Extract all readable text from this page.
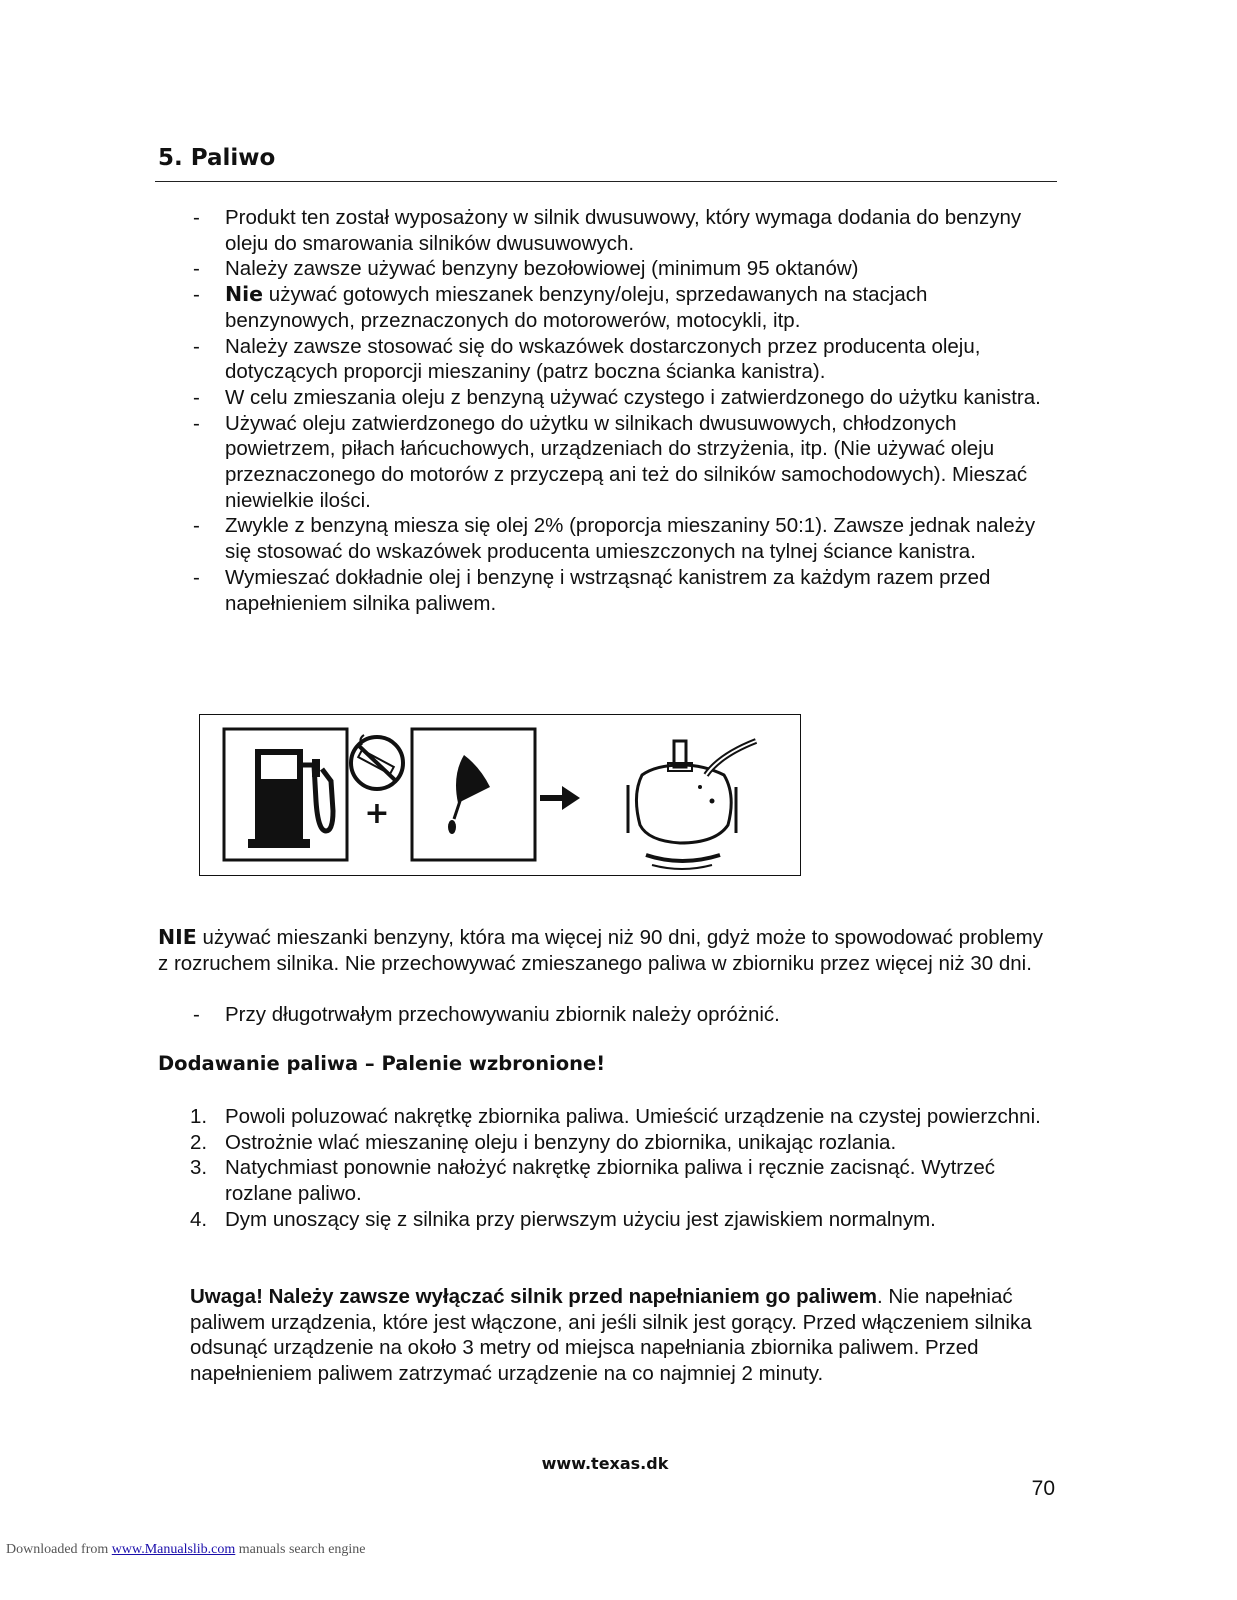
5. Paliwo
- Produkt ten został wyposażony w silnik dwusuwowy, który wymaga dodania do benzyny oleju do smarowania silników dwusuwowych.
- Należy zawsze używać benzyny bezołowiowej (minimum 95 oktanów)
- Nie używać gotowych mieszanek benzyny/oleju, sprzedawanych na stacjach benzynowych, przeznaczonych do motorowerów, motocykli, itp.
- Należy zawsze stosować się do wskazówek dostarczonych przez producenta oleju, dotyczących proporcji mieszaniny (patrz boczna ścianka kanistra).
- W celu zmieszania oleju z benzyną używać czystego i zatwierdzonego do użytku kanistra.
- Używać oleju zatwierdzonego do użytku w silnikach dwusuwowych, chłodzonych powietrzem, piłach łańcuchowych, urządzeniach do strzyżenia, itp. (Nie używać oleju przeznaczonego do motorów z przyczepą ani też do silników samochodowych). Mieszać niewielkie ilości.
- Zwykle z benzyną miesza się olej 2% (proporcja mieszaniny 50:1). Zawsze jednak należy się stosować do wskazówek producenta umieszczonych na tylnej ściance kanistra.
- Wymieszać dokładnie olej i benzynę i wstrząsnąć kanistrem za każdym razem przed napełnieniem silnika paliwem.
+

NIE używać mieszanki benzyny, która ma więcej niż 90 dni, gdyż może to spowodować problemy z rozruchem silnika. Nie przechowywać zmieszanego paliwa w zbiorniku przez więcej niż 30 dni.

- Przy długotrwałym przechowywaniu zbiornik należy opróżnić.
Dodawanie paliwa – Palenie wzbronione!
1. Powoli poluzować nakrętkę zbiornika paliwa. Umieścić urządzenie na czystej powierzchni.
2. Ostrożnie wlać mieszaninę oleju i benzyny do zbiornika, unikając rozlania.
3. Natychmiast ponownie nałożyć nakrętkę zbiornika paliwa i ręcznie zacisnąć. Wytrzeć rozlane paliwo.
4. Dym unoszący się z silnika przy pierwszym użyciu jest zjawiskiem normalnym.

Uwaga! Należy zawsze wyłączać silnik przed napełnianiem go paliwem. Nie napełniać paliwem urządzenia, które jest włączone, ani jeśli silnik jest gorący. Przed włączeniem silnika odsunąć urządzenie na około 3 metry od miejsca napełniania zbiornika paliwem. Przed napełnieniem paliwem zatrzymać urządzenie na co najmniej 2 minuty.

www.texas.dk
70
Downloaded from www.Manualslib.com manuals search engine
